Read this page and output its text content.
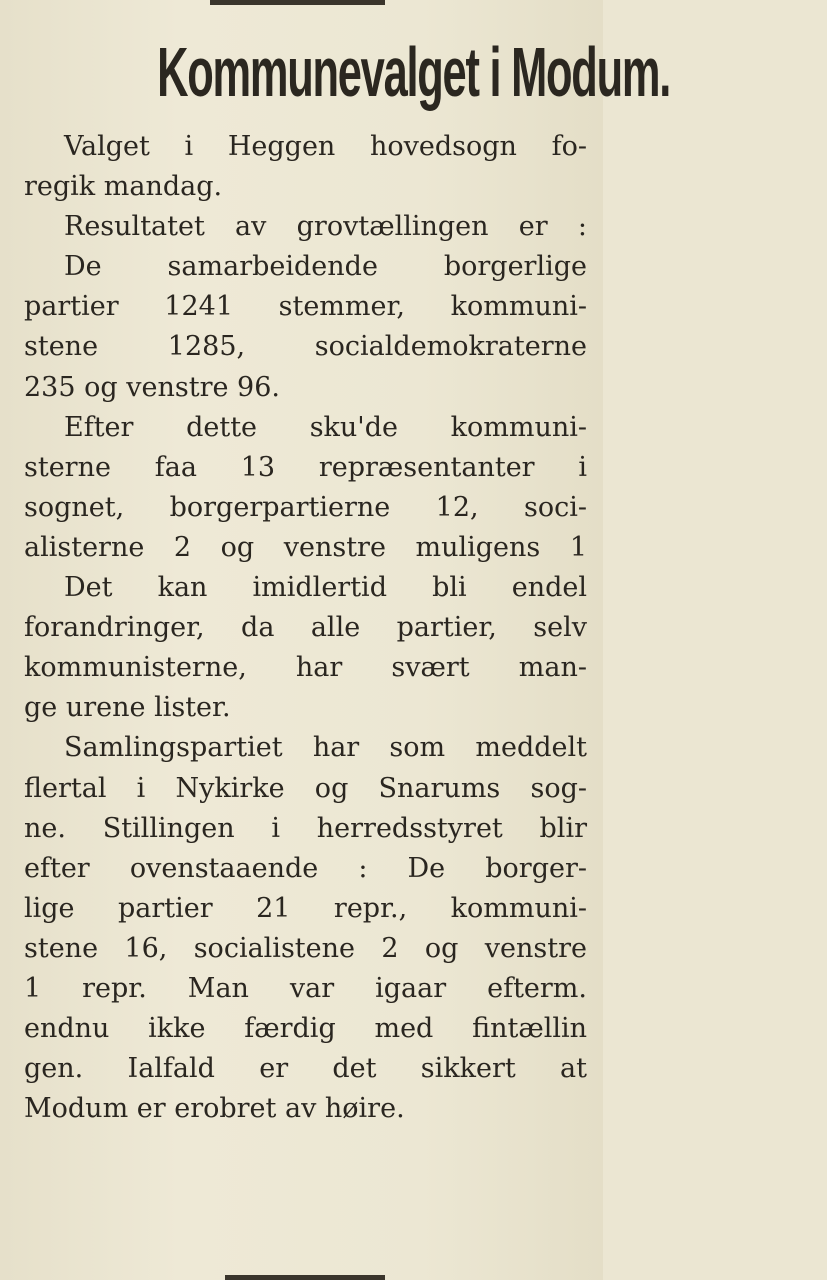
Kommunevalget i Modum.
Valget i Heggen hovedsogn fo-
regik mandag.
Resultatet av grovtællingen er :
De samarbeidende borgerlige
partier 1241 stemmer, kommuni-
stene 1285, socialdemokraterne
235 og venstre 96.
Efter dette sku'de kommuni-
sterne faa 13 repræsentanter i
sognet, borgerpartierne 12, soci-
alisterne 2 og venstre muligens 1
Det kan imidlertid bli endel
forandringer, da alle partier, selv
kommunisterne, har svært man-
ge urene lister.
Samlingspartiet har som meddelt
flertal i Nykirke og Snarums sog-
ne. Stillingen i herredsstyret blir
efter ovenstaaende : De borger-
lige partier 21 repr., kommuni-
stene 16, socialistene 2 og venstre
1 repr. Man var igaar efterm.
endnu ikke færdig med fintællin
gen. Ialfald er det sikkert at
Modum er erobret av høire.
